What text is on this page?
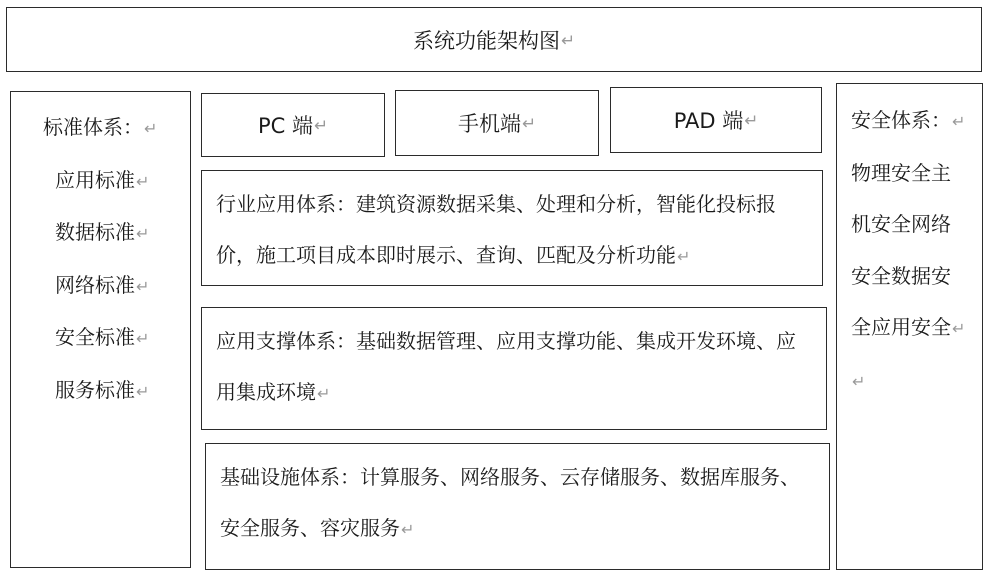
系统功能架构图 ↵
标准体系：↵
应用标准↵
数据标准↵
网络标准↵
安全标准↵
服务标准↵
PC 端 ↵	手机端 ↵	PAD 端 ↵
行业应用体系：建筑资源数据采集、处理和分析，智能化投标报价，施工项目成本即时展示、查询、匹配及分析功能↵
应用支撑体系：基础数据管理、应用支撑功能、集成开发环境、应用集成环境↵
基础设施体系：计算服务、网络服务、云存储服务、数据库服务、安全服务、容灾服务↵
安全体系：↵
物理安全主
机安全网络
安全数据安
全应用安全↵
↵
